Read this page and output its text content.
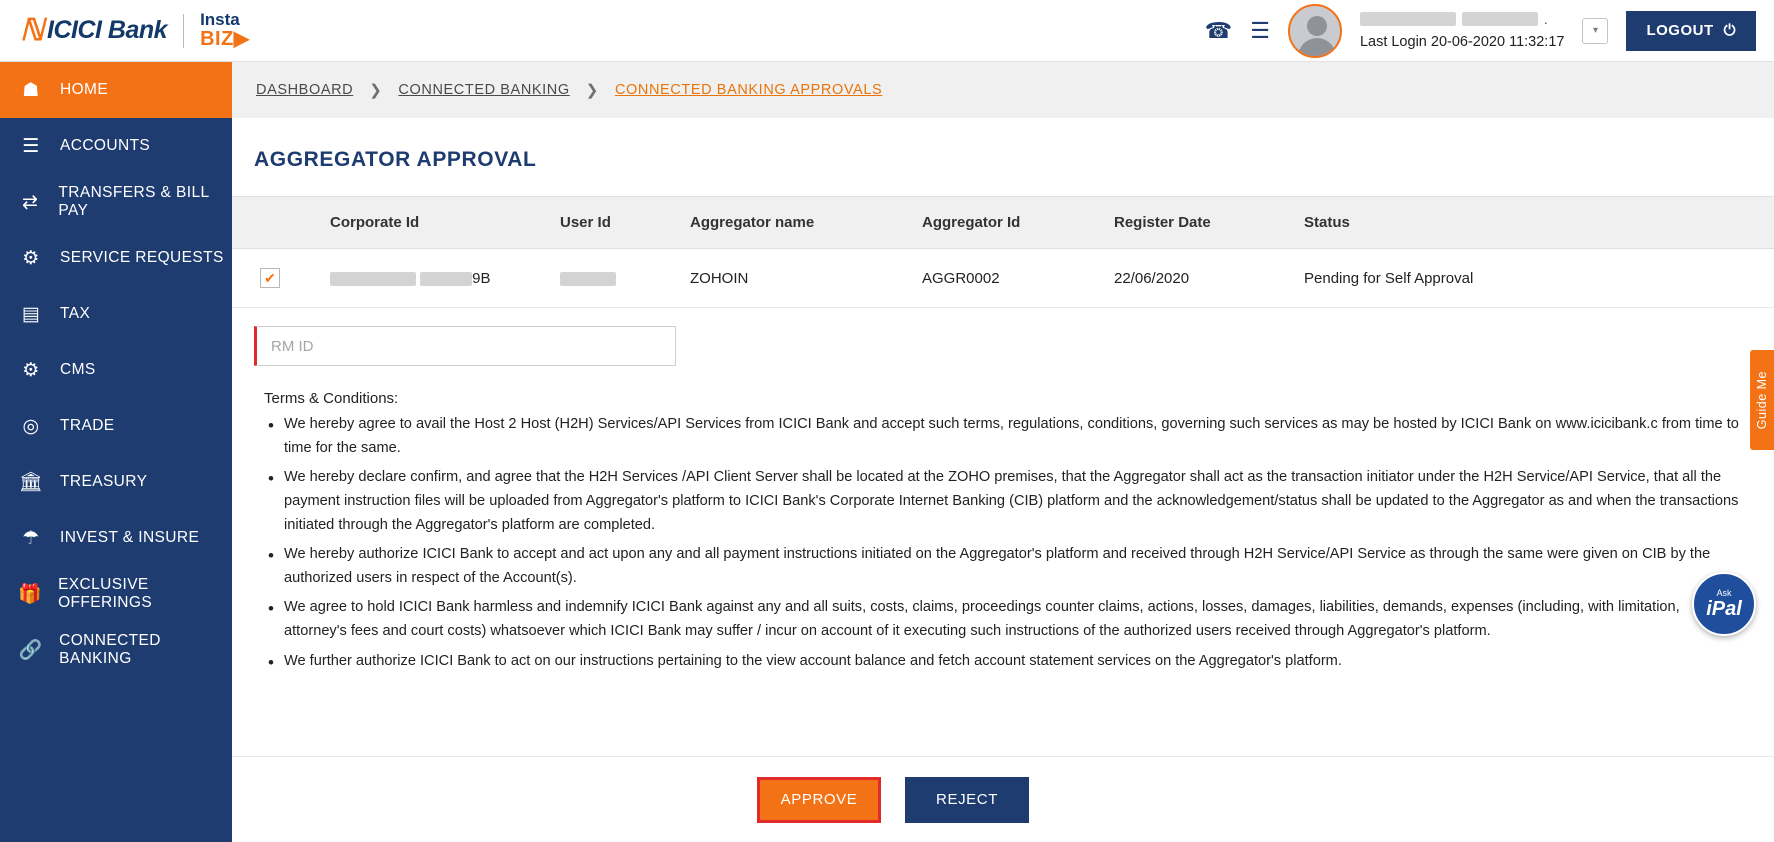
ℕ ICICI Bank Insta
BIZ▶	☎ ☰	.
Last Login 20-06-2020 11:32:17
▾	LOGOUT ⏻
☗ HOME
☰ ACCOUNTS
⇄ TRANSFERS & BILL PAY
⚙ SERVICE REQUESTS
▤ TAX
⚙ CMS
◎ TRADE
🏛 TREASURY
☂ INVEST & INSURE
🎁 EXCLUSIVE OFFERINGS
🔗 CONNECTED BANKING
DASHBOARD ❯ CONNECTED BANKING ❯ CONNECTED BANKING APPROVALS
AGGREGATOR APPROVAL
	Corporate Id	User Id	Aggregator name	Aggregator Id	Register Date	Status

✔	9B		ZOHOIN	AGGR0002	22/06/2020	Pending for Self Approval
RM ID
Terms & Conditions:
• We hereby agree to avail the Host 2 Host (H2H) Services/API Services from ICICI Bank and accept such terms, regulations, conditions, governing such services as may be hosted by ICICI Bank on www.icicibank.c from time to time for the same.
• We hereby declare confirm, and agree that the H2H Services /API Client Server shall be located at the ZOHO premises, that the Aggregator shall act as the transaction initiator under the H2H Service/API Service, that all the payment instruction files will be uploaded from Aggregator's platform to ICICI Bank's Corporate Internet Banking (CIB) platform and the acknowledgement/status shall be updated to the Aggregator as and when the transactions initiated through the Aggregator's platform are completed.
• We hereby authorize ICICI Bank to accept and act upon any and all payment instructions initiated on the Aggregator's platform and received through H2H Service/API Service as through the same were given on CIB by the authorized users in respect of the Account(s).
• We agree to hold ICICI Bank harmless and indemnify ICICI Bank against any and all suits, costs, claims, proceedings counter claims, actions, losses, damages, liabilities, demands, expenses (including, with limitation, attorney's fees and court costs) whatsoever which ICICI Bank may suffer / incur on account of it executing such instructions of the authorized users received through Aggregator's platform.
• We further authorize ICICI Bank to act on our instructions pertaining to the view account balance and fetch account statement services on the Aggregator's platform.
APPROVE	REJECT
Guide Me
Ask
iPal
